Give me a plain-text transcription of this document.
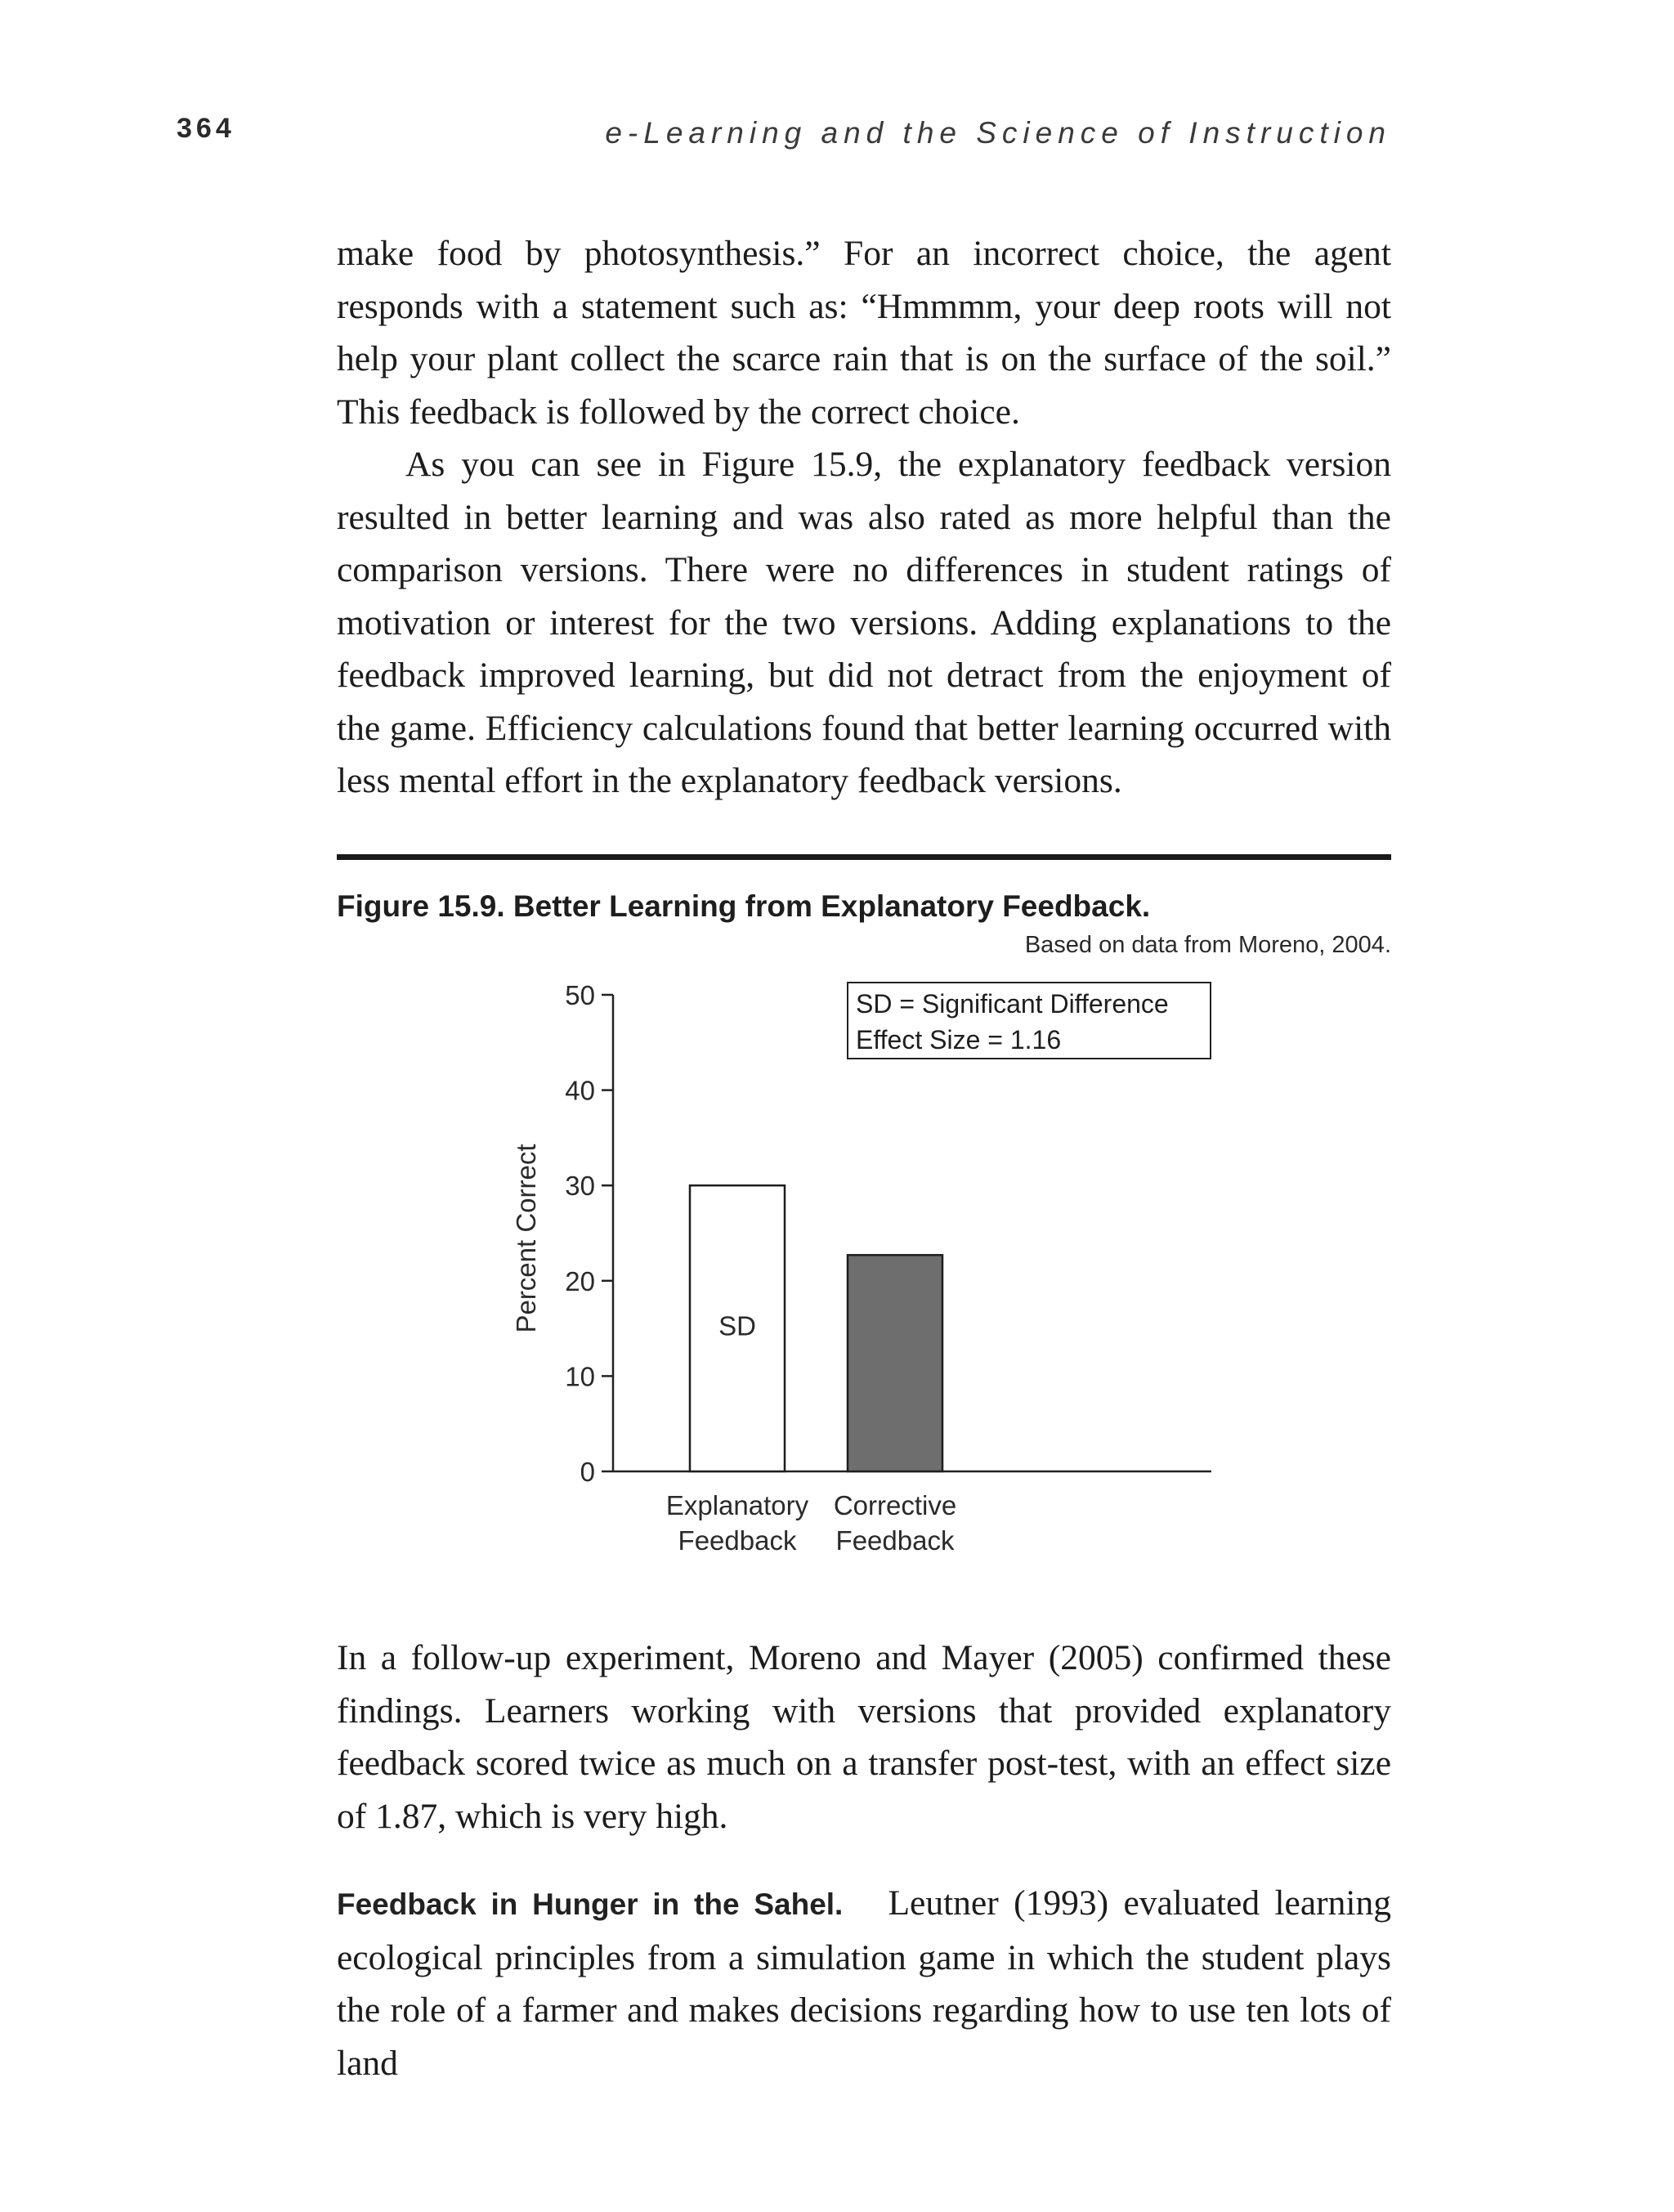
364	e-Learning and the Science of Instruction

make food by photosynthesis.” For an incorrect choice, the agent responds with a statement such as: “Hmmmm, your deep roots will not help your plant collect the scarce rain that is on the surface of the soil.” This feedback is followed by the correct choice.

As you can see in Figure 15.9, the explanatory feedback version resulted in better learning and was also rated as more helpful than the comparison versions. There were no differences in student ratings of motivation or interest for the two versions. Adding explanations to the feedback improved learning, but did not detract from the enjoyment of the game. Efficiency calculations found that better learning occurred with less mental effort in the explanatory feedback versions.

Figure 15.9. Better Learning from Explanatory Feedback.
Based on data from Moreno, 2004.
Percent Correct
0
10
20
30
40
50
SD
Explanatory
Feedback
Corrective
Feedback
SD = Significant Difference
Effect Size = 1.16

In a follow-up experiment, Moreno and Mayer (2005) confirmed these findings. Learners working with versions that provided explanatory feedback scored twice as much on a transfer post-test, with an effect size of 1.87, which is very high.

Feedback in Hunger in the Sahel. Leutner (1993) evaluated learning ecological principles from a simulation game in which the student plays the role of a farmer and makes decisions regarding how to use ten lots of land
